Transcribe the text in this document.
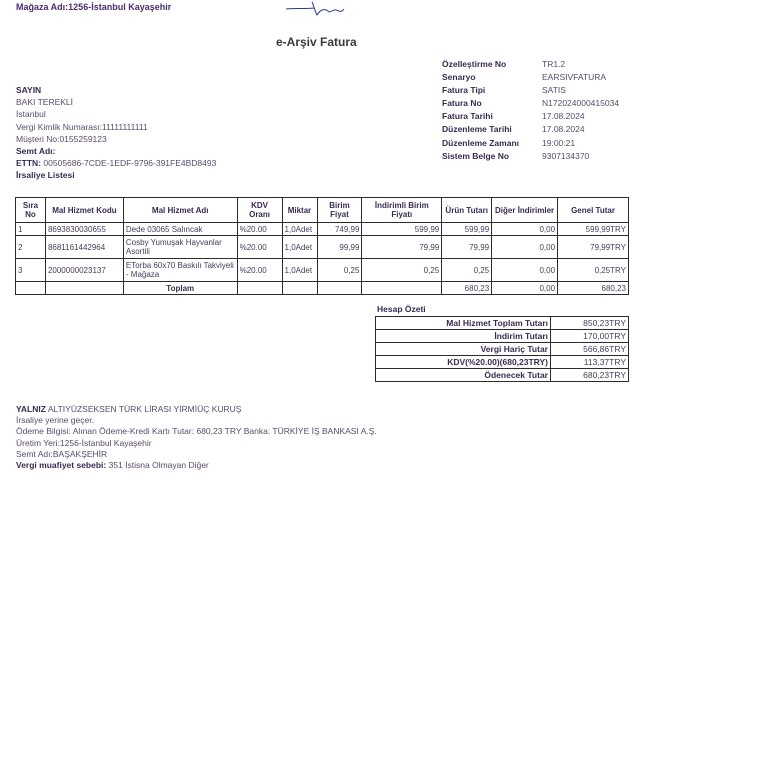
Mağaza Adı:1256-İstanbul Kayaşehir
e-Arşiv Fatura
SAYIN
BAKI TEREKLİ
İstanbul
Vergi Kimlik Numarası:11111111111
Müşteri No:0155259123
Semt Adı:
ETTN: 00505686-7CDE-1EDF-9796-391FE4BD8493
İrsaliye Listesi
Özelleştirme No	TR1.2
Senaryo	EARSIVFATURA
Fatura Tipi	SATIS
Fatura No	N172024000415034
Fatura Tarihi	17.08.2024
Düzenleme Tarihi	17.08.2024
Düzenleme Zamanı	19:00:21
Sistem Belge No	9307134370
Sıra No	Mal Hizmet Kodu	Mal Hizmet Adı	KDV Oranı	Miktar	Birim Fiyat	İndirimli Birim Fiyatı	Ürün Tutarı	Diğer İndirimler	Genel Tutar
1	8693830030655	Dede 03065 Salıncak	%20.00	1,0Adet	749,99	599,99	599,99	0,00	599,99TRY
2	8681161442964	Cosby Yumuşak Hayvanlar Asortili	%20.00	1,0Adet	99,99	79,99	79,99	0,00	79,99TRY
3	2000000023137	ETorba 60x70 Baskılı Takviyeli - Mağaza	%20.00	1,0Adet	0,25	0,25	0,25	0,00	0,25TRY
		Toplam					680,23	0,00	680,23
Hesap Özeti
Mal Hizmet Toplam Tutarı	850,23TRY
İndirim Tutarı	170,00TRY
Vergi Hariç Tutar	566,86TRY
KDV(%20.00)(680,23TRY)	113,37TRY
Ödenecek Tutar	680,23TRY
YALNIZ ALTIYÜZSEKSEN TÜRK LİRASI YİRMİÜÇ KURUŞ
İrsaliye yerine geçer.
Ödeme Bilgisi: Alınan Ödeme-Kredi Kartı Tutar: 680,23 TRY Banka: TÜRKİYE İŞ BANKASI A.Ş.
Üretim Yeri:1256-İstanbul Kayaşehir
Semt Adı:BAŞAKŞEHİR
Vergi muafiyet sebebi: 351 İstisna Olmayan Diğer
